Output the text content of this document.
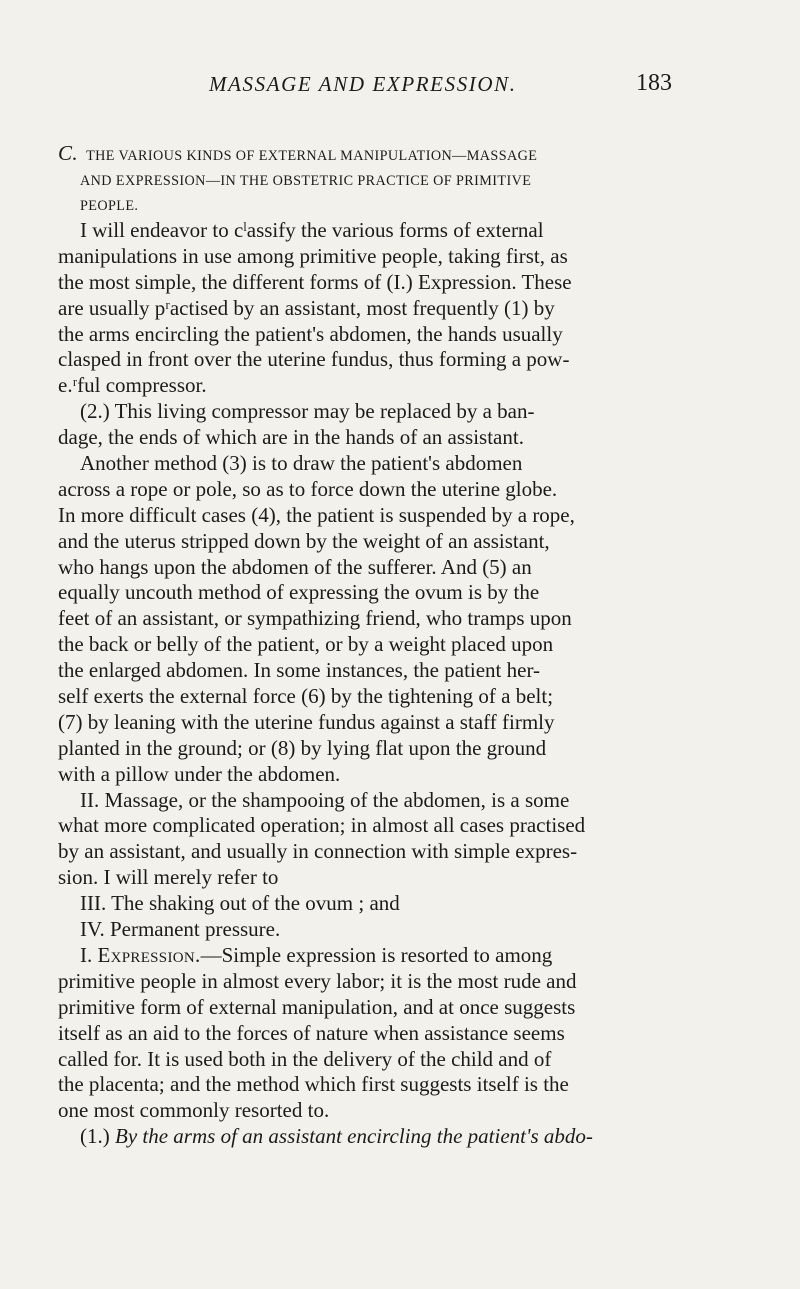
MASSAGE AND EXPRESSION.	183
C. THE VARIOUS KINDS OF EXTERNAL MANIPULATION—MASSAGE
AND EXPRESSION—IN THE OBSTETRIC PRACTICE OF PRIMITIVE
PEOPLE.
I will endeavor to cˡassify the various forms of external
manipulations in use among primitive people, taking first, as
the most simple, the different forms of (I.) Expression. These
are usually pʳactised by an assistant, most frequently (1) by
the arms encircling the patient's abdomen, the hands usually
clasped in front over the uterine fundus, thus forming a pow-
e.ʳful compressor.
(2.) This living compressor may be replaced by a ban-
dage, the ends of which are in the hands of an assistant.
Another method (3) is to draw the patient's abdomen
across a rope or pole, so as to force down the uterine globe.
In more difficult cases (4), the patient is suspended by a rope,
and the uterus stripped down by the weight of an assistant,
who hangs upon the abdomen of the sufferer. And (5) an
equally uncouth method of expressing the ovum is by the
feet of an assistant, or sympathizing friend, who tramps upon
the back or belly of the patient, or by a weight placed upon
the enlarged abdomen. In some instances, the patient her-
self exerts the external force (6) by the tightening of a belt;
(7) by leaning with the uterine fundus against a staff firmly
planted in the ground; or (8) by lying flat upon the ground
with a pillow under the abdomen.
II. Massage, or the shampooing of the abdomen, is a some
what more complicated operation; in almost all cases practised
by an assistant, and usually in connection with simple expres-
sion. I will merely refer to
III. The shaking out of the ovum ; and
IV. Permanent pressure.
I. Expression.—Simple expression is resorted to among
primitive people in almost every labor; it is the most rude and
primitive form of external manipulation, and at once suggests
itself as an aid to the forces of nature when assistance seems
called for. It is used both in the delivery of the child and of
the placenta; and the method which first suggests itself is the
one most commonly resorted to.
(1.) By the arms of an assistant encircling the patient's abdo-
